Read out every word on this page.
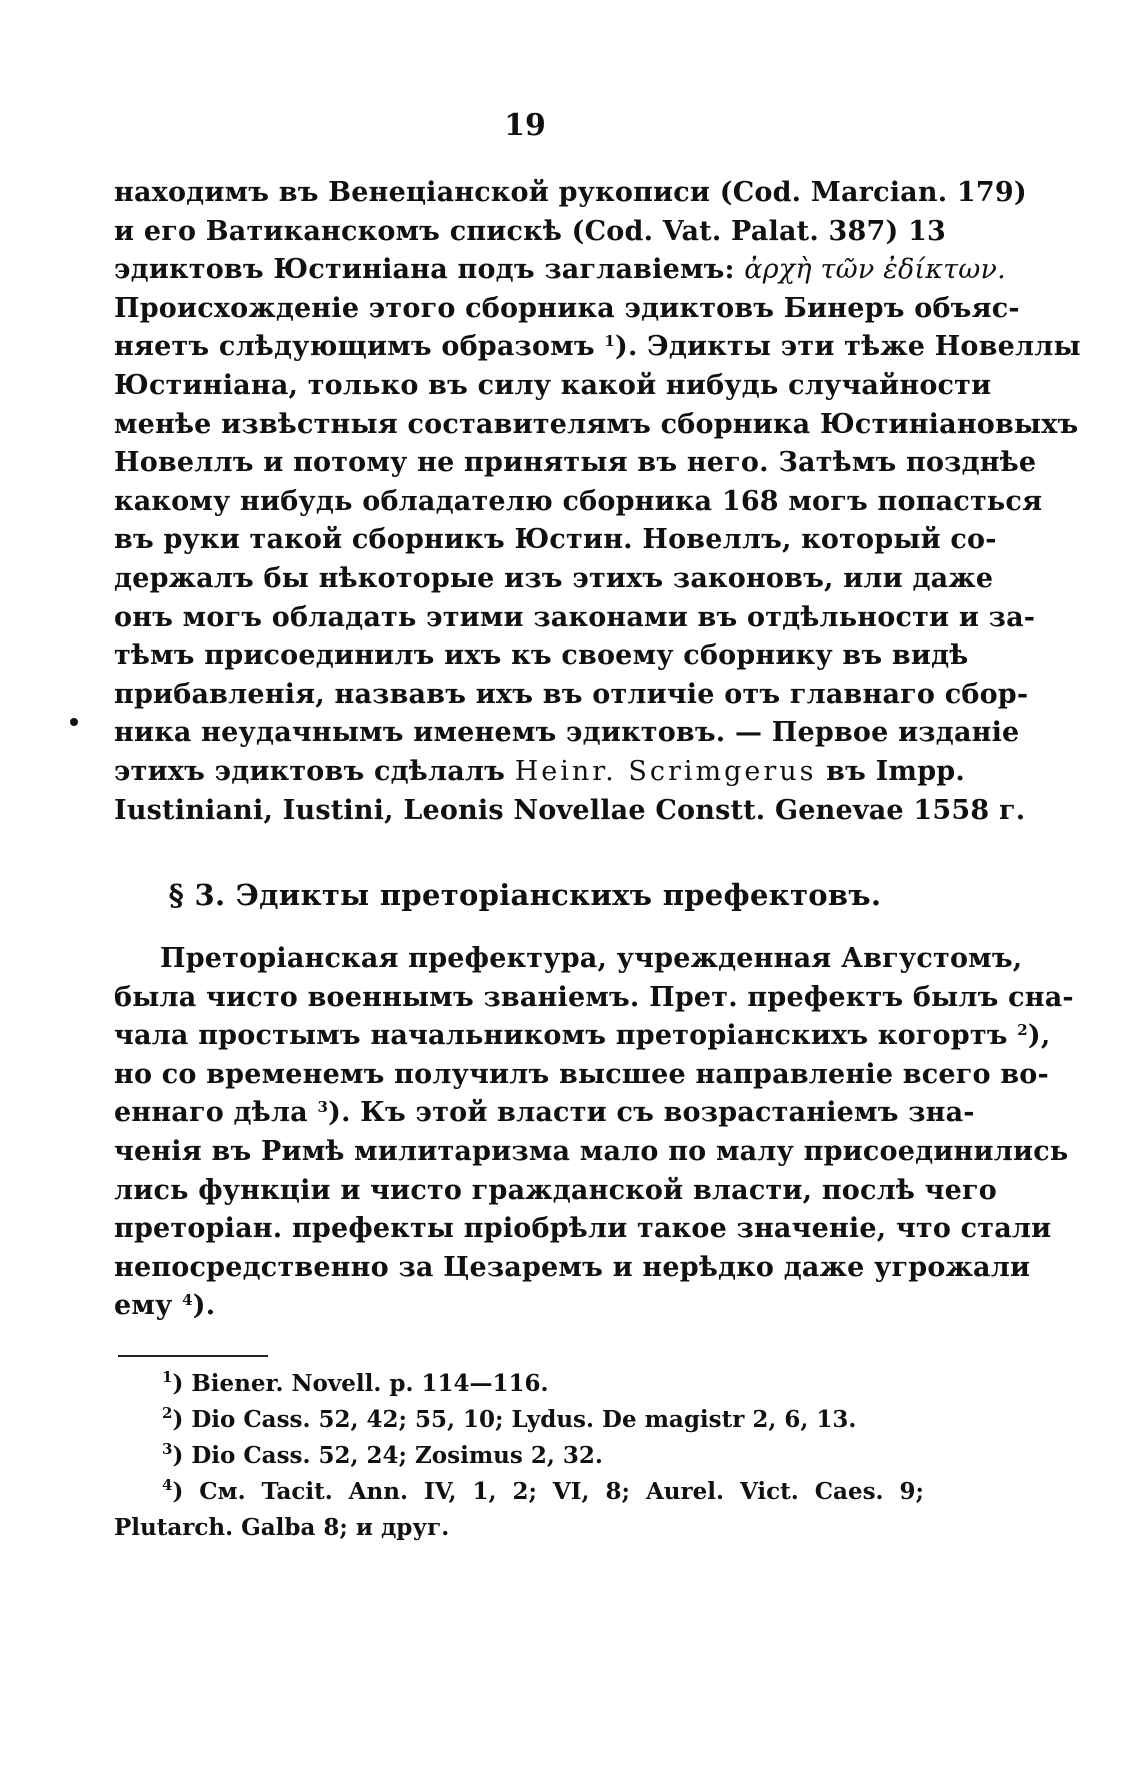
19
находимъ въ Венеціанской рукописи (Cod. Marcian. 179)
и его Ватиканскомъ спискѣ (Cod. Vat. Palat. 387) 13
эдиктовъ Юстиніана подъ заглавіемъ: ἀρχὴ τῶν ἐδίκτων.
Происхожденіе этого сборника эдиктовъ Бинеръ объяс-
няетъ слѣдующимъ образомъ $^1$). Эдикты эти тѣже Новеллы
Юстиніана, только въ силу какой нибудь случайности
менѣе извѣстныя составителямъ сборника Юстиніановыхъ
Новеллъ и потому не принятыя въ него. Затѣмъ позднѣе
какому нибудь обладателю сборника 168 могъ попасться
въ руки такой сборникъ Юстин. Новеллъ, который со-
держалъ бы нѣкоторые изъ этихъ законовъ, или даже
онъ могъ обладать этими законами въ отдѣльности и за-
тѣмъ присоединилъ ихъ къ своему сборнику въ видѣ
прибавленія, назвавъ ихъ въ отличіе отъ главнаго сбор-
ника неудачнымъ именемъ эдиктовъ. — Первое изданіе
этихъ эдиктовъ сдѣлалъ Heinr. Scrimgerus въ Impp.
Iustiniani, Iustini, Leonis Novellae Constt. Genevae 1558 г.
§ 3. Эдикты преторіанскихъ префектовъ.
Преторіанская префектура, учрежденная Августомъ,
была чисто военнымъ званіемъ. Прет. префектъ былъ сна-
чала простымъ начальникомъ преторіанскихъ когортъ $^2$),
но со временемъ получилъ высшее направленіе всего во-
еннаго дѣла $^3$). Къ этой власти съ возрастаніемъ зна-
ченія въ Римѣ милитаризма мало по малу присоединились
лись функціи и чисто гражданской власти, послѣ чего
преторіан. префекты пріобрѣли такое значеніе, что стали
непосредственно за Цезаремъ и нерѣдко даже угрожали
ему $^4$).
$^1$) Biener. Novell. p. 114—116.
$^2$) Dio Cass. 52, 42; 55, 10; Lydus. De magistr 2, 6, 13.
$^3$) Dio Cass. 52, 24; Zosimus 2, 32.
$^4$) См. Tacit. Ann. IV, 1, 2; VI, 8; Aurel. Vict. Caes. 9;
Plutarch. Galba 8; и друг.
